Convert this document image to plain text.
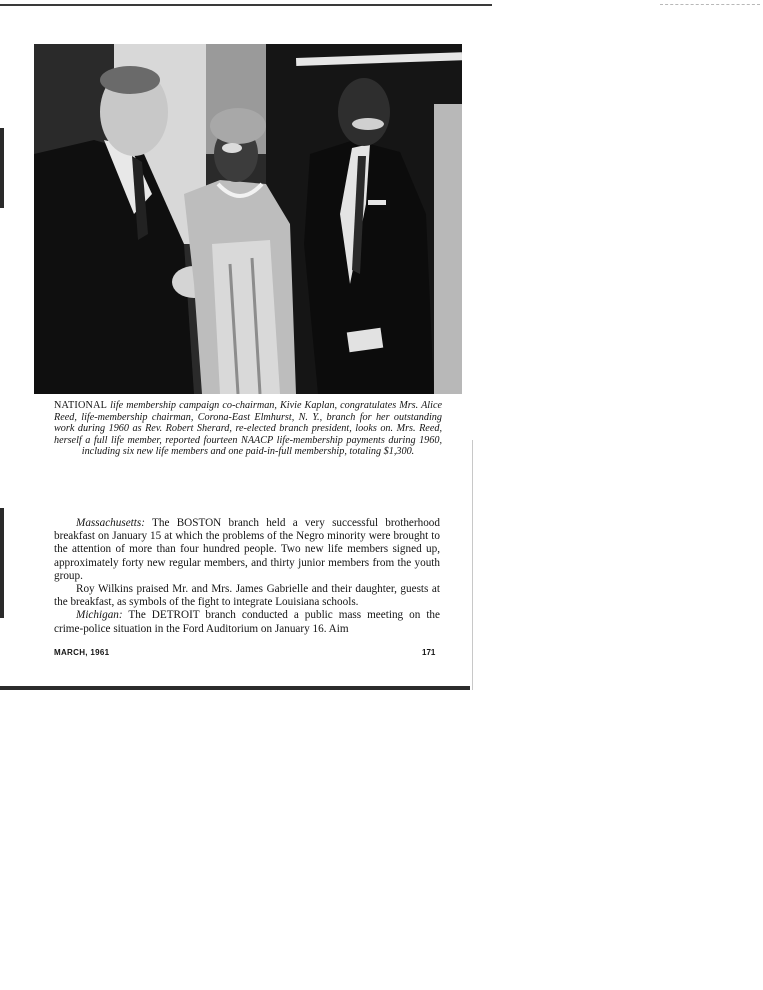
NATIONAL life membership campaign co-chairman, Kivie Kaplan, congratulates Mrs. Alice Reed, life-membership chairman, Corona-East Elmhurst, N. Y., branch for her outstanding work during 1960 as Rev. Robert Sherard, re-elected branch president, looks on. Mrs. Reed, herself a full life member, reported fourteen NAACP life-membership payments during 1960, including six new life members and one paid-in-full membership, totaling $1,300.

Massachusetts: The BOSTON branch held a very successful brotherhood breakfast on January 15 at which the problems of the Negro minority were brought to the attention of more than four hundred people. Two new life members signed up, approximately forty new regular members, and thirty junior members from the youth group.

Roy Wilkins praised Mr. and Mrs. James Gabrielle and their daughter, guests at the breakfast, as symbols of the fight to integrate Louisiana schools.

Michigan: The DETROIT branch conducted a public mass meeting on the crime-police situation in the Ford Auditorium on January 16. Aim

MARCH, 1961	171
